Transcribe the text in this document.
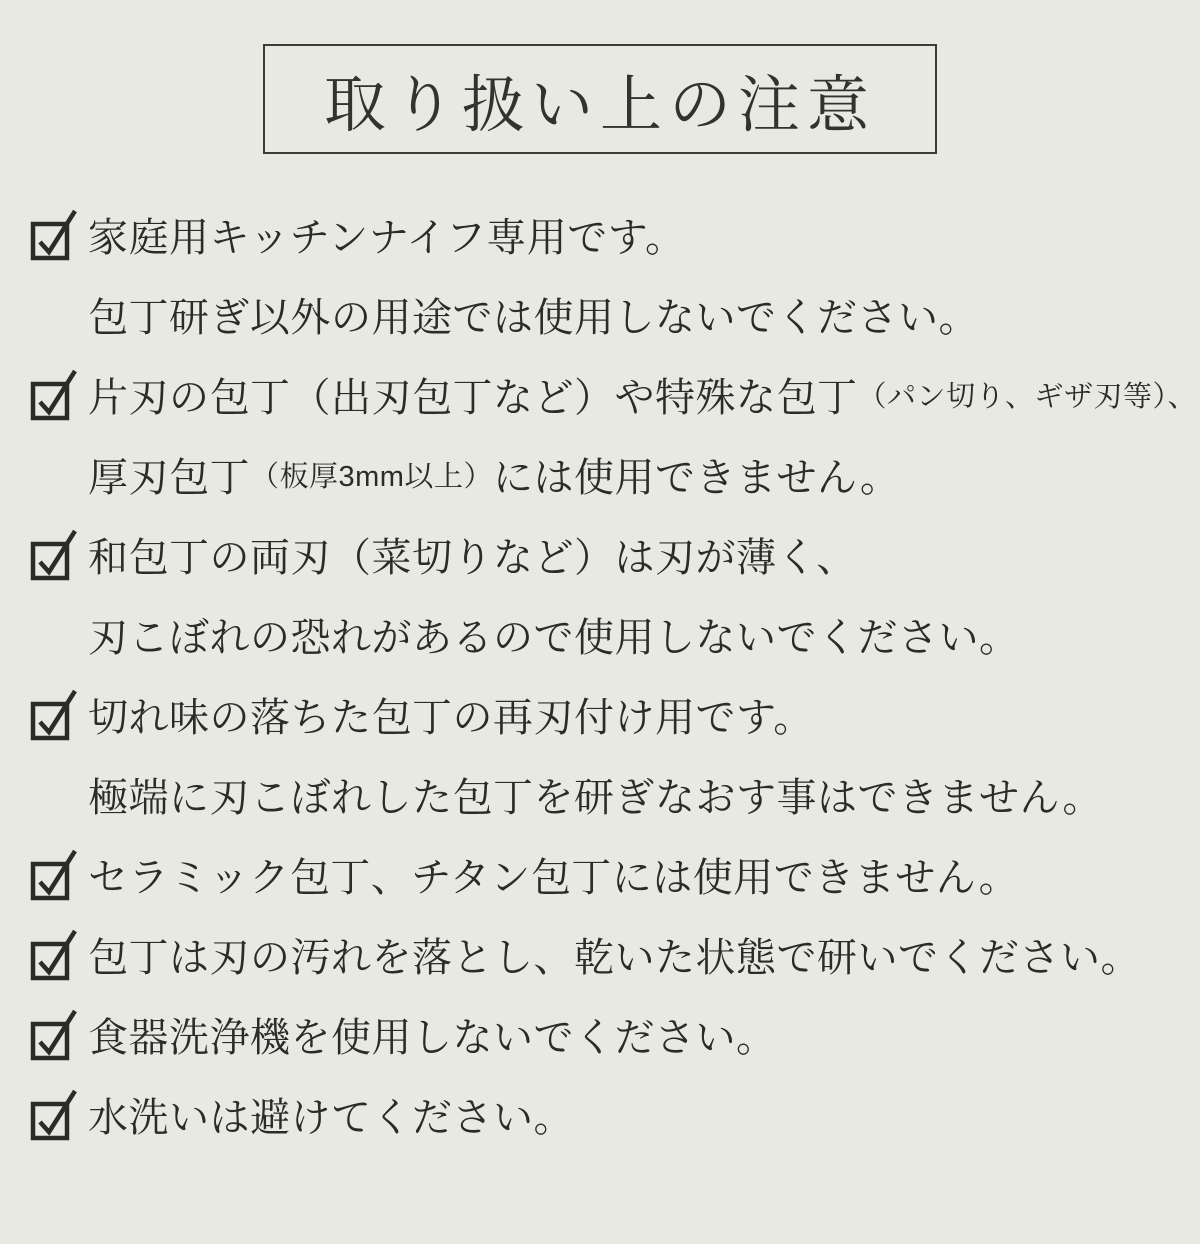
取り扱い上の注意
家庭用キッチンナイフ専用です。
包丁研ぎ以外の用途では使用しないでください。
片刃の包丁（出刃包丁など）や特殊な包丁 （パン切り、ギザ刃等）、
厚刃包丁 （板厚3mm以上） には使用できません。
和包丁の両刃（菜切りなど）は刃が薄く、
刃こぼれの恐れがあるので使用しないでください。
切れ味の落ちた包丁の再刃付け用です。
極端に刃こぼれした包丁を研ぎなおす事はできません。
セラミック包丁、チタン包丁には使用できません。
包丁は刃の汚れを落とし、乾いた状態で研いでください。
食器洗浄機を使用しないでください。
水洗いは避けてください。
